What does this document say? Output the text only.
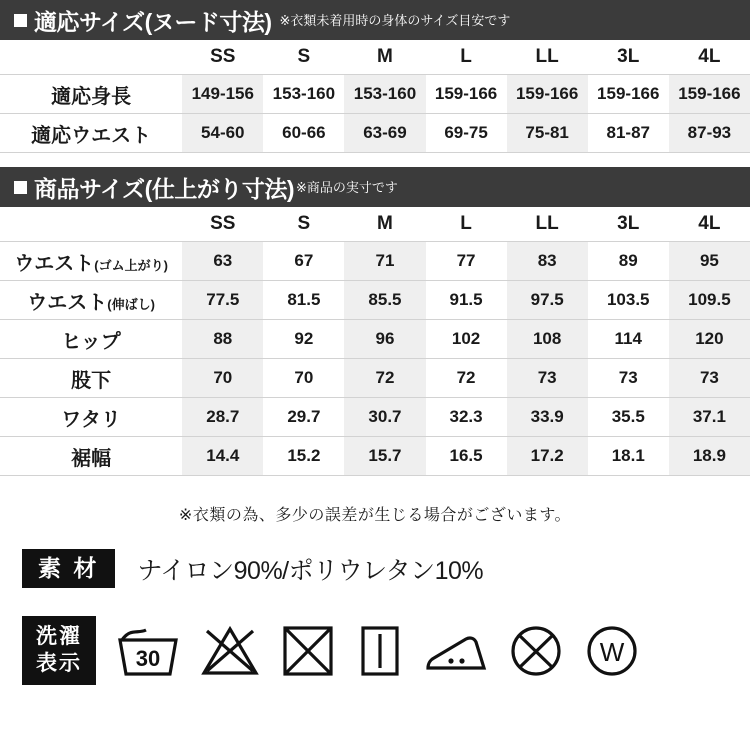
適応サイズ(ヌード寸法) ※衣類未着用時の身体のサイズ目安です
	SS	S	M	L	LL	3L	4L
適応身長	149-156	153-160	153-160	159-166	159-166	159-166	159-166
適応ウエスト	54-60	60-66	63-69	69-75	75-81	81-87	87-93
商品サイズ(仕上がり寸法) ※商品の実寸です
	SS	S	M	L	LL	3L	4L
ウエスト(ゴム上がり)	63	67	71	77	83	89	95
ウエスト(伸ばし)	77.5	81.5	85.5	91.5	97.5	103.5	109.5
ヒップ	88	92	96	102	108	114	120
股下	70	70	72	72	73	73	73
ワタリ	28.7	29.7	30.7	32.3	33.9	35.5	37.1
裾幅	14.4	15.2	15.7	16.5	17.2	18.1	18.9
※衣類の為、多少の誤差が生じる場合がございます。
素 材	ナイロン90%/ポリウレタン10%
洗濯
表示 30	W
